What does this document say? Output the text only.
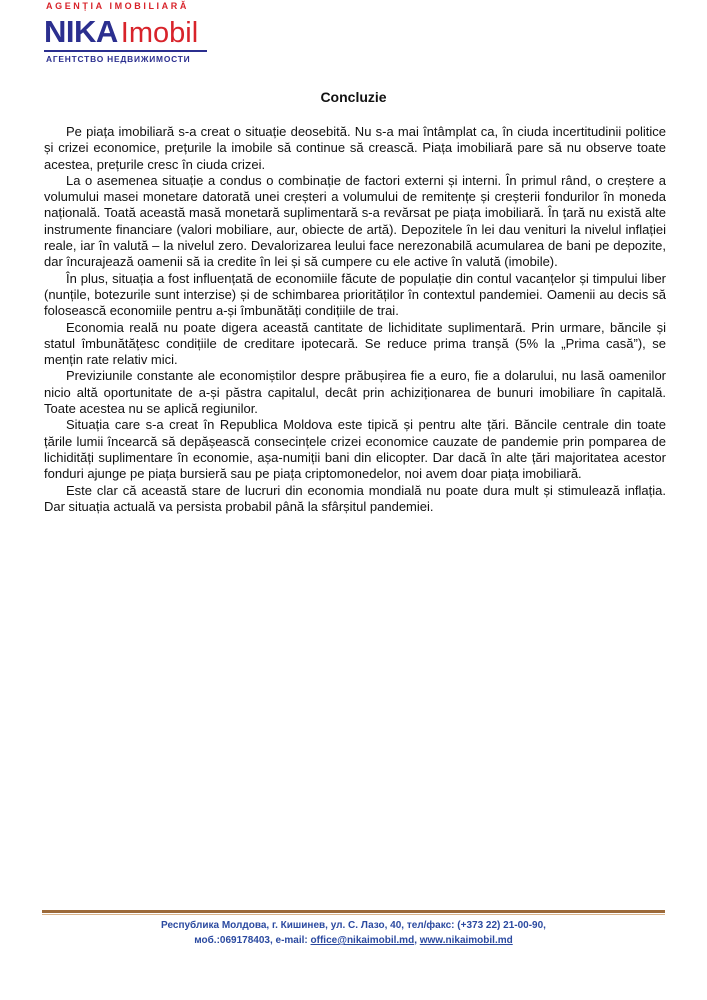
AGENȚIA IMOBILIARĂ
NIKA Imobil
АГЕНТСТВО НЕДВИЖИМОСТИ
Concluzie

Pe piața imobiliară s-a creat o situație deosebită. Nu s-a mai întâmplat ca, în ciuda incertitudinii politice și crizei economice, prețurile la imobile să continue să crească. Piața imobiliară pare să nu observe toate acestea, prețurile cresc în ciuda crizei.

La o asemenea situație a condus o combinație de factori externi și interni. În primul rând, o creștere a volumului masei monetare datorată unei creșteri a volumului de remitențe și creșterii fondurilor în moneda națională. Toată această masă monetară suplimentară s-a revărsat pe piața imobiliară. În țară nu există alte instrumente financiare (valori mobiliare, aur, obiecte de artă). Depozitele în lei dau venituri la nivelul inflației reale, iar în valută – la nivelul zero. Devalorizarea leului face nerezonabilă acumularea de bani pe depozite, dar încurajează oamenii să ia credite în lei și să cumpere cu ele active în valută (imobile).

În plus, situația a fost influențată de economiile făcute de populație din contul vacanțelor și timpului liber (nunțile, botezurile sunt interzise) și de schimbarea priorităților în contextul pandemiei. Oamenii au decis să folosească economiile pentru a-și îmbunătăți condițiile de trai.

Economia reală nu poate digera această cantitate de lichiditate suplimentară. Prin urmare, băncile și statul îmbunătățesc condițiile de creditare ipotecară. Se reduce prima tranșă (5% la „Prima casă”), se mențin rate relativ mici.

Previziunile constante ale economiștilor despre prăbușirea fie a euro, fie a dolarului, nu lasă oamenilor nicio altă oportunitate de a-și păstra capitalul, decât prin achiziționarea de bunuri imobiliare în capitală. Toate acestea nu se aplică regiunilor.

Situația care s-a creat în Republica Moldova este tipică și pentru alte țări. Băncile centrale din toate țările lumii încearcă să depășească consecințele crizei economice cauzate de pandemie prin pomparea de lichidități suplimentare în economie, așa-numiții bani din elicopter. Dar dacă în alte țări majoritatea acestor fonduri ajunge pe piața bursieră sau pe piața criptomonedelor, noi avem doar piața imobiliară.

Este clar că această stare de lucruri din economia mondială nu poate dura mult și stimulează inflația. Dar situația actuală va persista probabil până la sfârșitul pandemiei.

Республика Молдова, г. Кишинев, ул. С. Лазо, 40, тел/факс: (+373 22) 21-00-90,
моб.:069178403, e-mail: office@nikaimobil.md, www.nikaimobil.md
